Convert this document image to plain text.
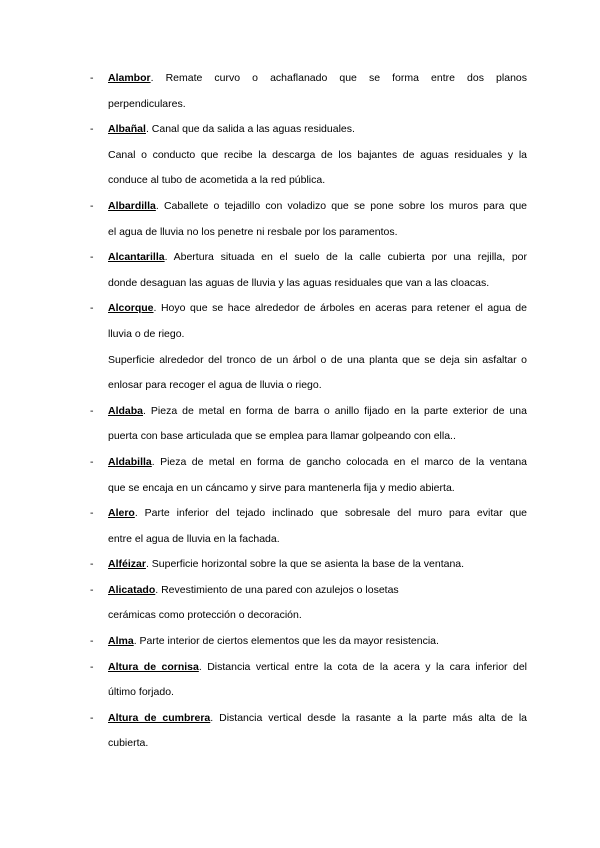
- Alambor. Remate curvo o achaflanado que se forma entre dos planos
perpendiculares.
- Albañal. Canal que da salida a las aguas residuales.
Canal o conducto que recibe la descarga de los bajantes de aguas residuales y la
conduce al tubo de acometida a la red pública.
- Albardilla. Caballete o tejadillo con voladizo que se pone sobre los muros para que
el agua de lluvia no los penetre ni resbale por los paramentos.
- Alcantarilla. Abertura situada en el suelo de la calle cubierta por una rejilla, por
donde desaguan las aguas de lluvia y las aguas residuales que van a las cloacas.
- Alcorque. Hoyo que se hace alrededor de árboles en aceras para retener el agua de
lluvia o de riego.
Superficie alrededor del tronco de un árbol o de una planta que se deja sin asfaltar o
enlosar para recoger el agua de lluvia o riego.
- Aldaba. Pieza de metal en forma de barra o anillo fijado en la parte exterior de una
puerta con base articulada que se emplea para llamar golpeando con ella..
- Aldabilla. Pieza de metal en forma de gancho colocada en el marco de la ventana
que se encaja en un cáncamo y sirve para mantenerla fija y medio abierta.
- Alero. Parte inferior del tejado inclinado que sobresale del muro para evitar que
entre el agua de lluvia en la fachada.
- Alféizar. Superficie horizontal sobre la que se asienta la base de la ventana.
- Alicatado. Revestimiento de una pared con azulejos o losetas
cerámicas como protección o decoración.
- Alma. Parte interior de ciertos elementos que les da mayor resistencia.
- Altura de cornisa. Distancia vertical entre la cota de la acera y la cara inferior del
último forjado.
- Altura de cumbrera. Distancia vertical desde la rasante a la parte más alta de la
cubierta.
